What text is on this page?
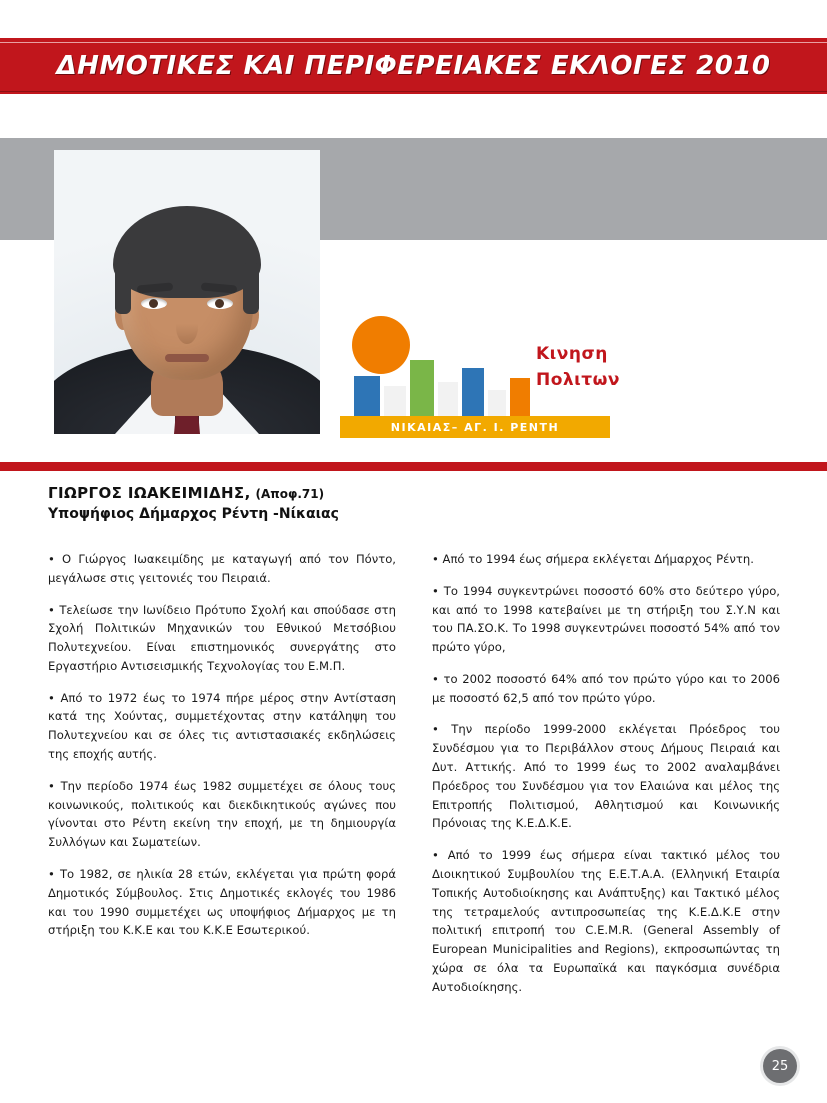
ΔΗΜΟΤΙΚΕΣ ΚΑΙ ΠΕΡΙΦΕΡΕΙΑΚΕΣ ΕΚΛΟΓΕΣ 2010
Κινηση
Πολιτων
ΝΙΚΑΙΑΣ– ΑΓ. Ι. ΡΕΝΤΗ
ΓΙΩΡΓΟΣ ΙΩΑΚΕΙΜΙΔΗΣ, (Αποφ.71)
Υποψήφιος Δήμαρχος Ρέντη -Νίκαιας

• Ο Γιώργος Ιωακειμίδης με καταγωγή από τον Πόντο, μεγάλωσε στις γειτονιές του Πειραιά.

• Τελείωσε την Ιωνίδειο Πρότυπο Σχολή και σπούδασε στη Σχολή Πολιτικών Μηχανικών του Εθνικού Μετσόβιου Πολυτεχνείου. Είναι επιστημονικός συνεργάτης στο Εργαστήριο Αντισεισμικής Τεχνολογίας του Ε.Μ.Π.

• Από το 1972 έως το 1974 πήρε μέρος στην Αντίσταση κατά της Χούντας, συμμετέχοντας στην κατάληψη του Πολυτεχνείου και σε όλες τις αντιστασιακές εκδηλώσεις της εποχής αυτής.

• Την περίοδο 1974 έως 1982 συμμετέχει σε όλους τους κοινωνικούς, πολιτικούς και διεκδικητικούς αγώνες που γίνονται στο Ρέντη εκείνη την εποχή, με τη δημιουργία Συλλόγων και Σωματείων.

• Το 1982, σε ηλικία 28 ετών, εκλέγεται για πρώτη φορά Δημοτικός Σύμβουλος. Στις Δημοτικές εκλογές του 1986 και του 1990 συμμετέχει ως υποψήφιος Δήμαρχος με τη στήριξη του Κ.Κ.Ε και του Κ.Κ.Ε Εσωτερικού.

• Από το 1994 έως σήμερα εκλέγεται Δήμαρχος Ρέντη.

• Το 1994 συγκεντρώνει ποσοστό 60% στο δεύτερο γύρο, και από το 1998 κατεβαίνει με τη στήριξη του Σ.Υ.Ν και του ΠΑ.ΣΟ.Κ. Το 1998 συγκεντρώνει ποσοστό 54% από τον πρώτο γύρο,

• το 2002 ποσοστό 64% από τον πρώτο γύρο και το 2006 με ποσοστό 62,5 από τον πρώτο γύρο.

• Την περίοδο 1999-2000 εκλέγεται Πρόεδρος του Συνδέσμου για το Περιβάλλον στους Δήμους Πειραιά και Δυτ. Αττικής. Από το 1999 έως το 2002 αναλαμβάνει Πρόεδρος του Συνδέσμου για τον Ελαιώνα και μέλος της Επιτροπής Πολιτισμού, Αθλητισμού και Κοινωνικής Πρόνοιας της Κ.Ε.Δ.Κ.Ε.

• Από το 1999 έως σήμερα είναι τακτικό μέλος του Διοικητικού Συμβουλίου της Ε.Ε.Τ.Α.Α. (Ελληνική Εταιρία Τοπικής Αυτοδιοίκησης και Ανάπτυξης) και Τακτικό μέλος της τετραμελούς αντιπροσωπείας της Κ.Ε.Δ.Κ.Ε στην πολιτική επιτροπή του C.E.M.R. (General Assembly of European Municipalities and Regions), εκπροσωπώντας τη χώρα σε όλα τα Ευρωπαϊκά και παγκόσμια συνέδρια Αυτοδιοίκησης.

25
